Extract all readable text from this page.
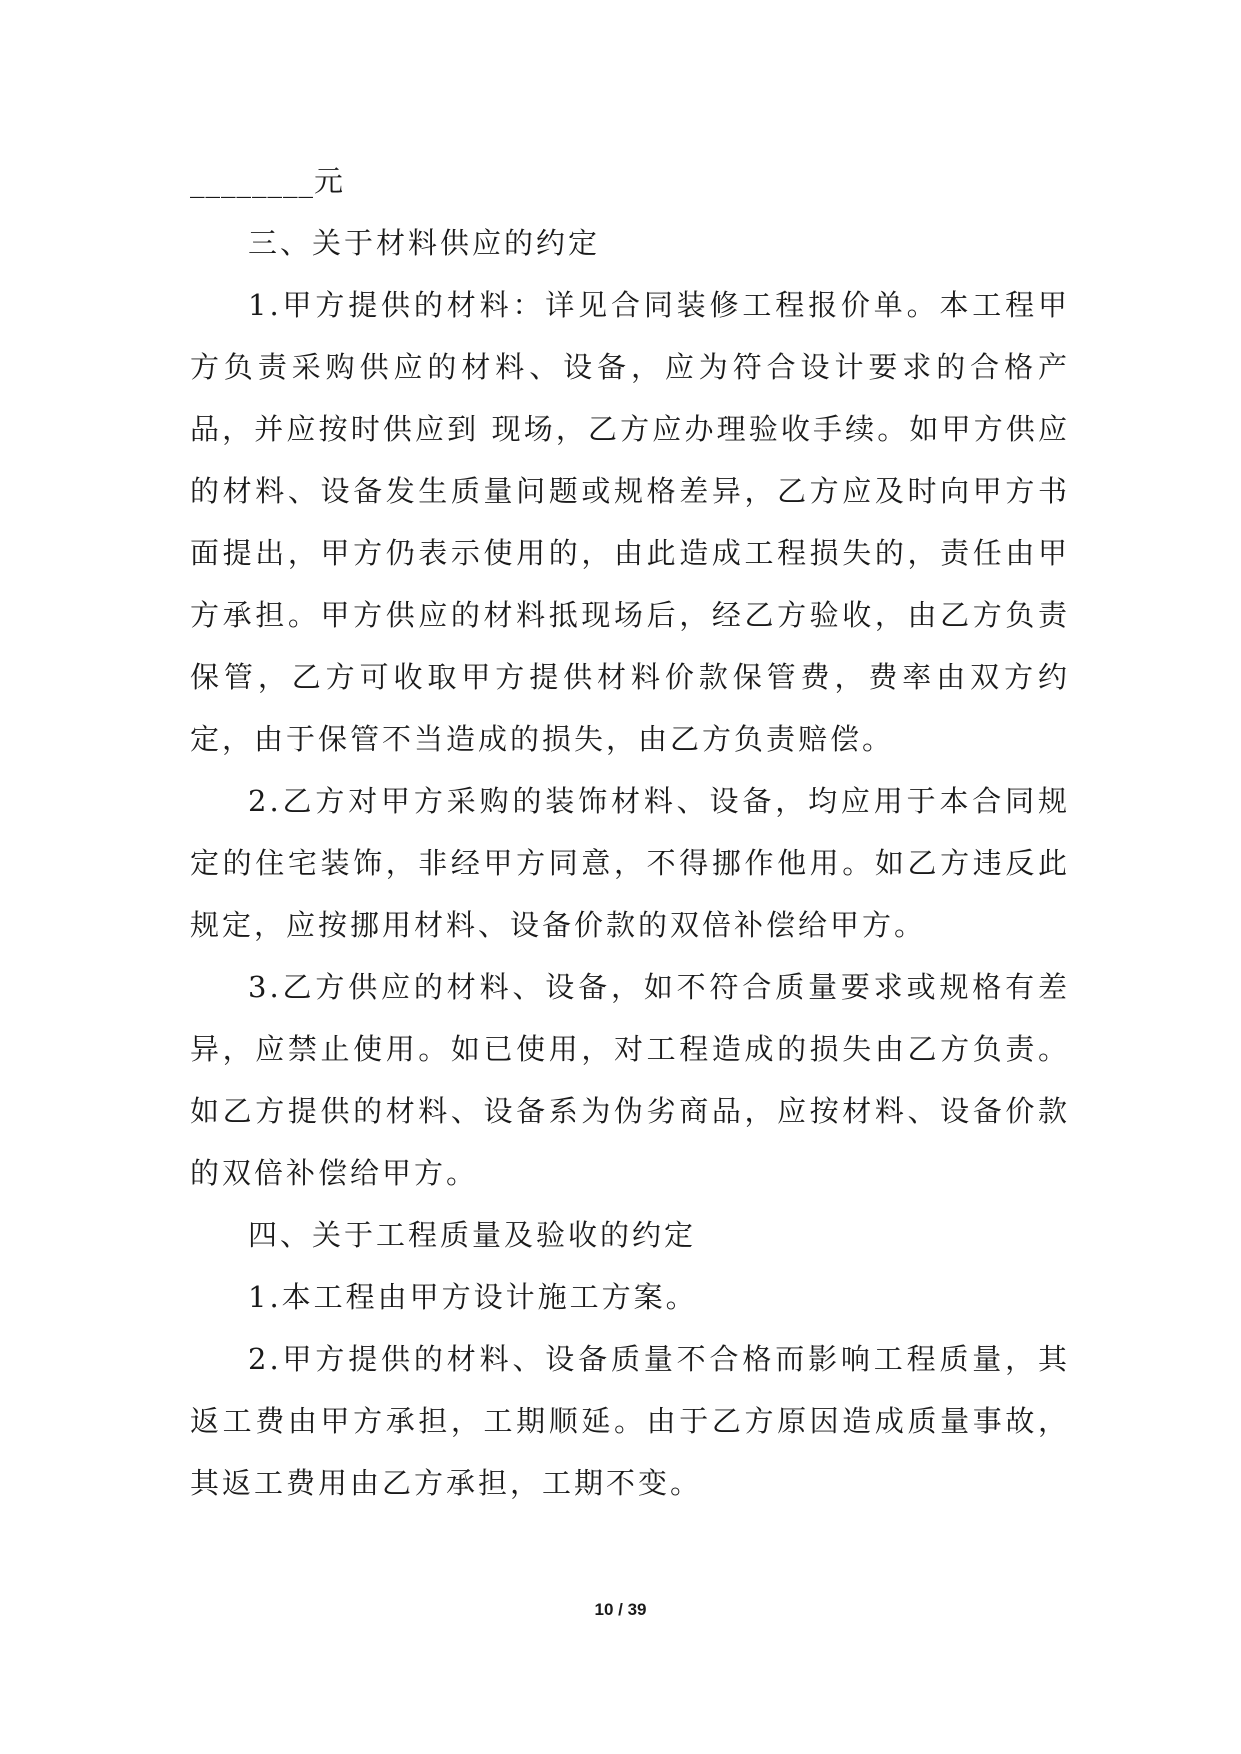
________元

三、关于材料供应的约定

1.甲方提供的材料：详见合同装修工程报价单。本工程甲方负责采购供应的材料、设备，应为符合设计要求的合格产品，并应按时供应到 现场，乙方应办理验收手续。如甲方供应的材料、设备发生质量问题或规格差异，乙方应及时向甲方书面提出，甲方仍表示使用的，由此造成工程损失的，责任由甲 方承担。甲方供应的材料抵现场后，经乙方验收，由乙方负责保管，乙方可收取甲方提供材料价款保管费，费率由双方约定，由于保管不当造成的损失，由乙方负责赔偿。

2.乙方对甲方采购的装饰材料、设备，均应用于本合同规定的住宅装饰，非经甲方同意，不得挪作他用。如乙方违反此规定，应按挪用材料、设备价款的双倍补偿给甲方。

3.乙方供应的材料、设备，如不符合质量要求或规格有差异，应禁止使用。如已使用，对工程造成的损失由乙方负责。如乙方提供的材料、设备系为伪劣商品，应按材料、设备价款的双倍补偿给甲方。

四、关于工程质量及验收的约定

1.本工程由甲方设计施工方案。

2.甲方提供的材料、设备质量不合格而影响工程质量，其返工费由甲方承担，工期顺延。由于乙方原因造成质量事故，其返工费用由乙方承担，工期不变。

10 / 39
